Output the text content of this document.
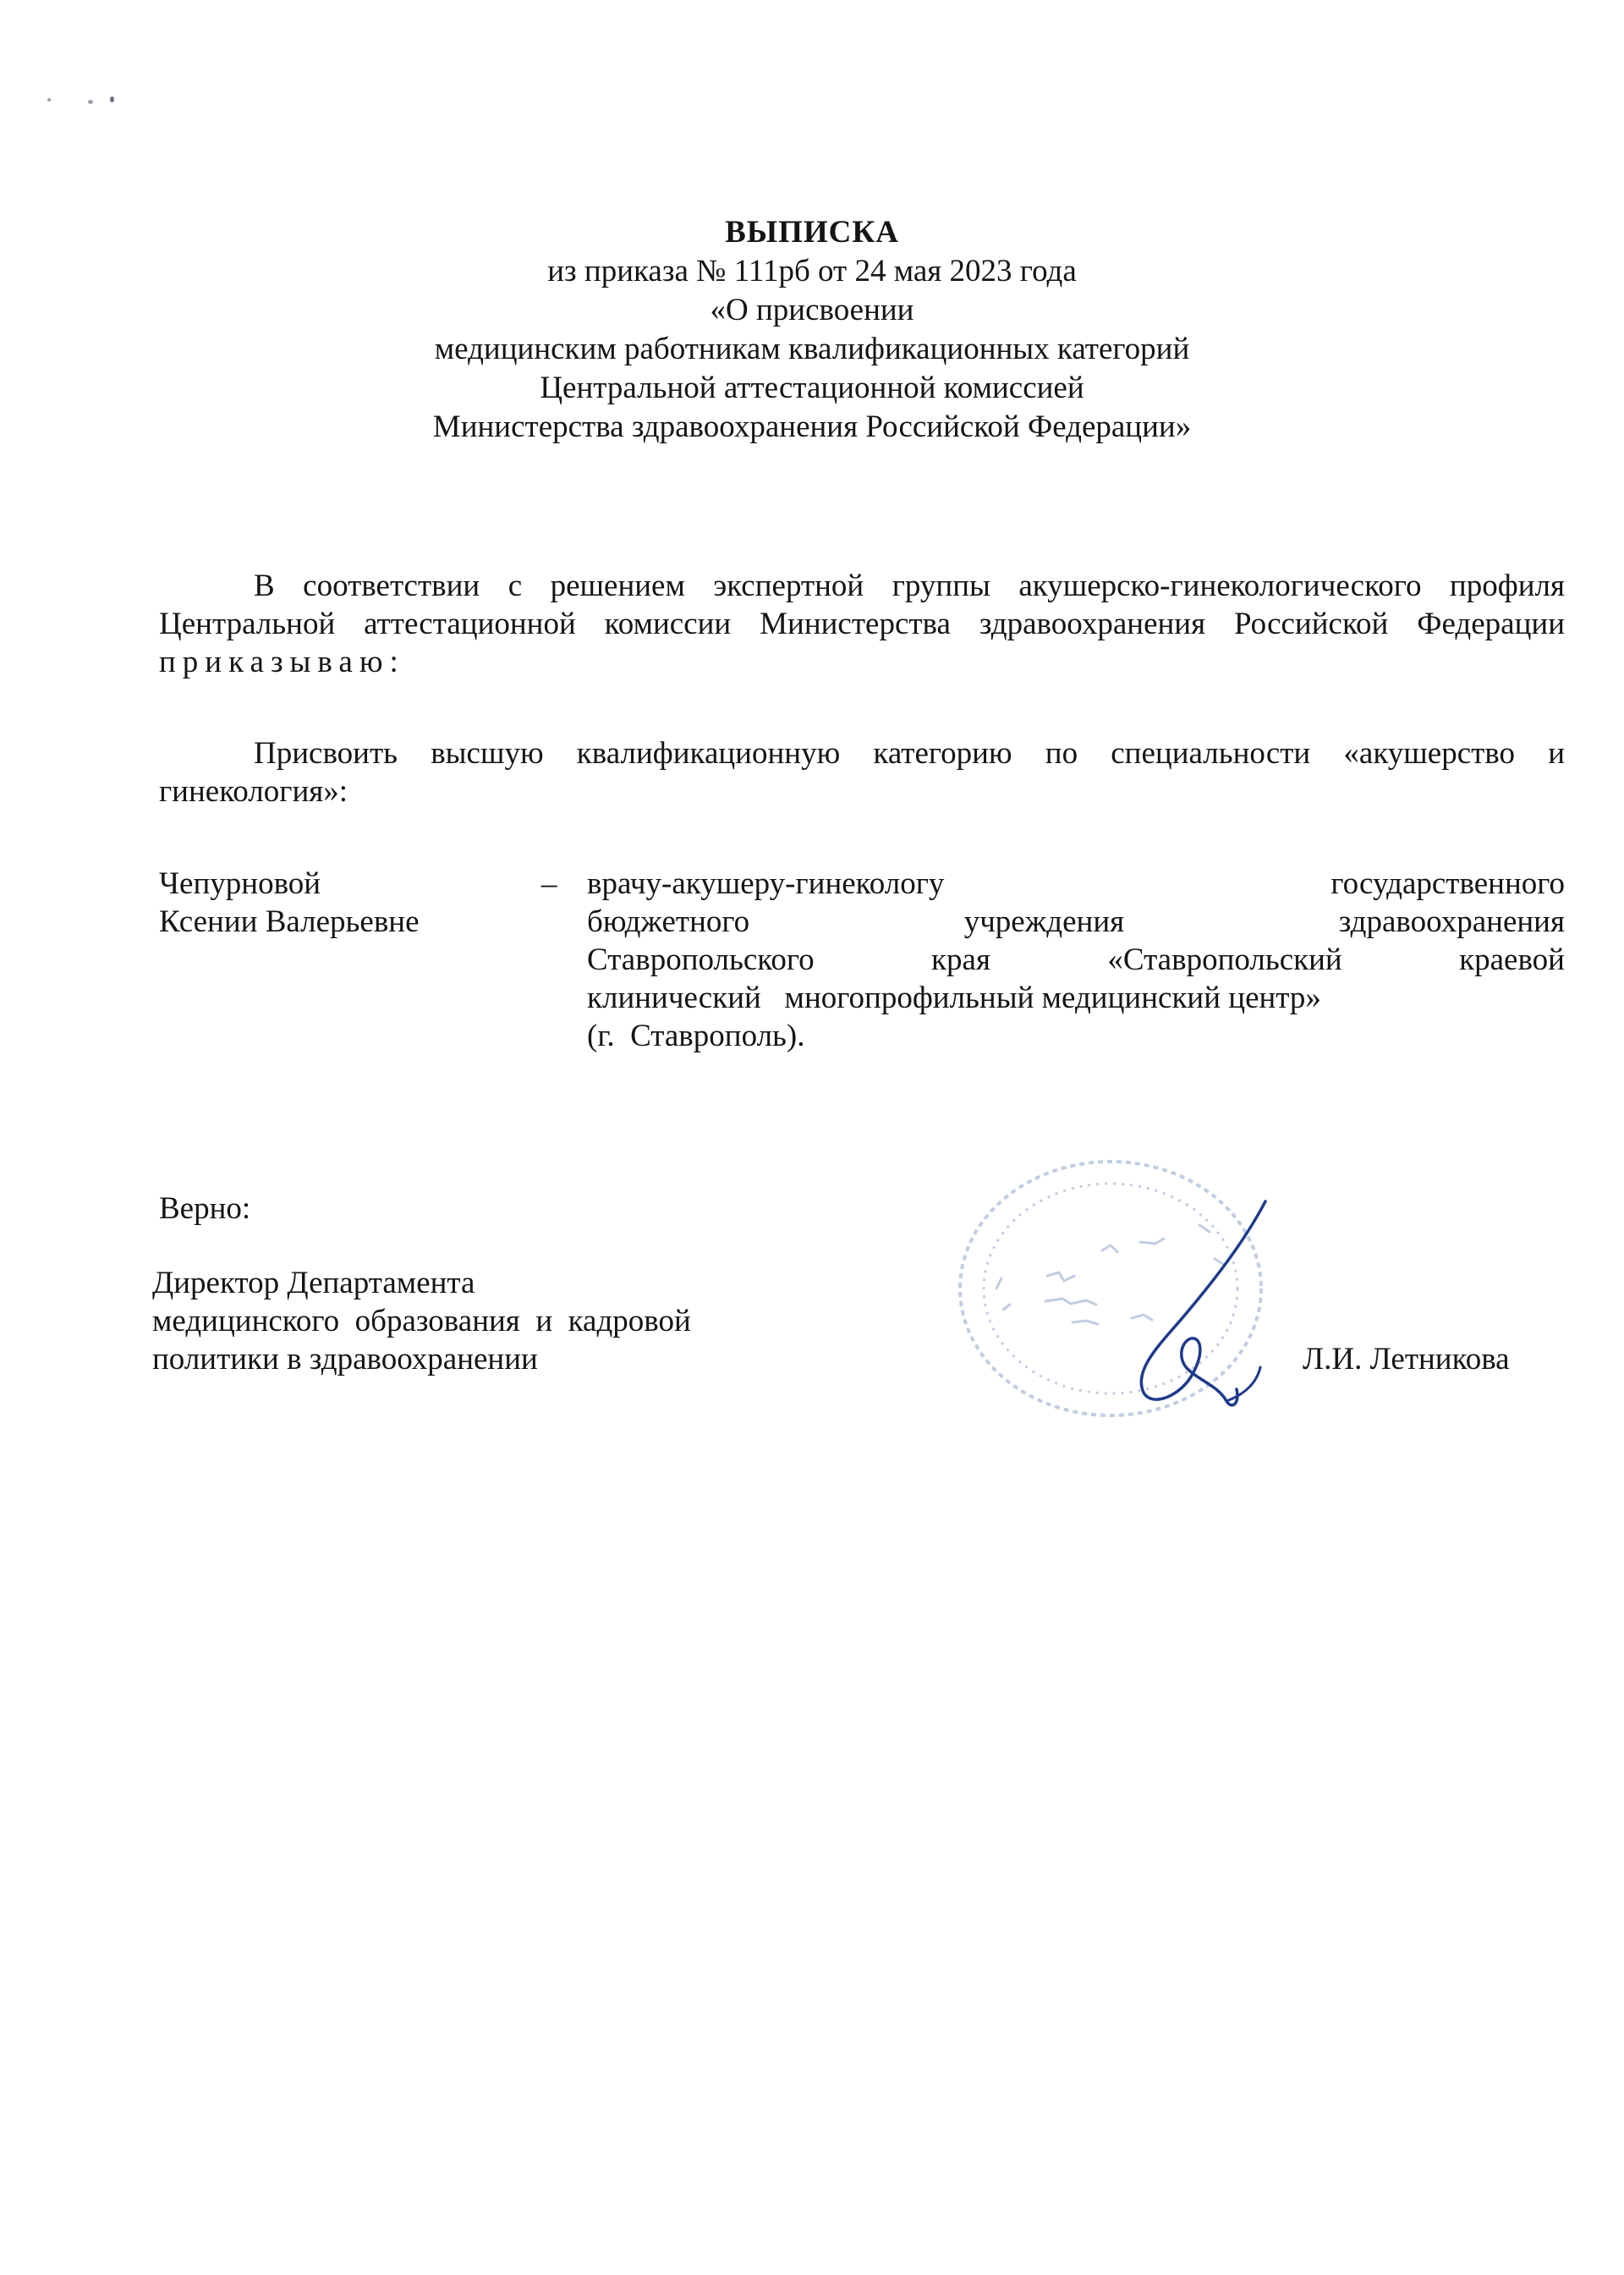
ВЫПИСКА
из приказа № 111рб от 24 мая 2023 года
«О присвоении
медицинским работникам квалификационных категорий
Центральной аттестационной комиссией
Министерства здравоохранения Российской Федерации»
В соответствии с решением экспертной группы акушерско-гинекологического профиля Центральной аттестационной комиссии Министерства здравоохранения Российской Федерации приказываю:
Присвоить высшую квалификационную категорию по специальности «акушерство и гинекология»:
Чепурновой
Ксении Валерьевне
– врачу-акушеру-гинекологу	государственного
бюджетного	учреждения	здравоохранения
Ставропольского	края	«Ставропольский	краевой
клинический   многопрофильный медицинский центр»
(г.  Ставрополь).
Верно:
Директор Департамента
медицинского  образования  и  кадровой
политики в здравоохранении	Л.И. Летникова
